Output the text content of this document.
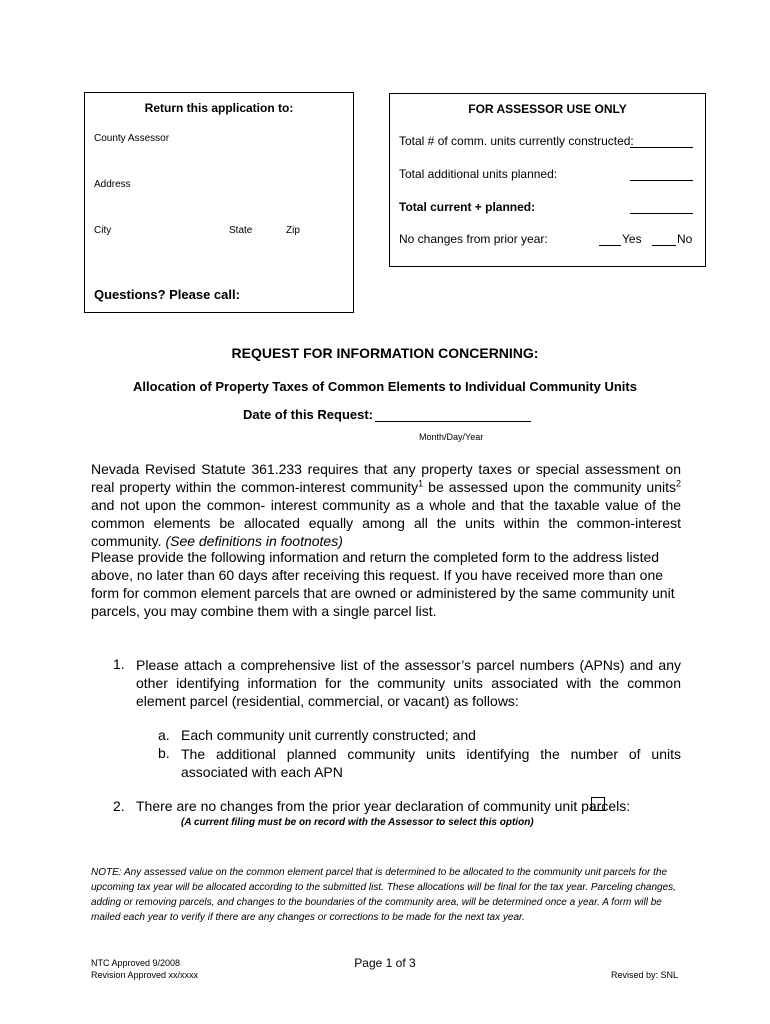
Return this application to:
County Assessor
Address
City	State	Zip
Questions? Please call:
FOR ASSESSOR USE ONLY
Total # of comm. units currently constructed:
Total additional units planned:
Total current + planned:
No changes from prior year:	Yes	No
REQUEST FOR INFORMATION CONCERNING:
Allocation of Property Taxes of Common Elements to Individual Community Units
Date of this Request:
Month/Day/Year
Nevada Revised Statute 361.233 requires that any property taxes or special assessment on real property within the common-interest community$^1$ be assessed upon the community units$^2$ and not upon the common- interest community as a whole and that the taxable value of the common elements be allocated equally among all the units within the common-interest community. (See definitions in footnotes)
Please provide the following information and return the completed form to the address listed above, no later than 60 days after receiving this request. If you have received more than one form for common element parcels that are owned or administered by the same community unit parcels, you may combine them with a single parcel list.
1. Please attach a comprehensive list of the assessor’s parcel numbers (APNs) and any other identifying information for the community units associated with the common element parcel (residential, commercial, or vacant) as follows:
a. Each community unit currently constructed; and
b. The additional planned community units identifying the number of units associated with each APN
2. There are no changes from the prior year declaration of community unit parcels:
(A current filing must be on record with the Assessor to select this option)
NOTE: Any assessed value on the common element parcel that is determined to be allocated to the community unit parcels for the upcoming tax year will be allocated according to the submitted list. These allocations will be final for the tax year. Parceling changes, adding or removing parcels, and changes to the boundaries of the community area, will be determined once a year. A form will be mailed each year to verify if there are any changes or corrections to be made for the next tax year.
NTC Approved 9/2008
Revision Approved xx/xxxx
Page 1 of 3
Revised by: SNL
